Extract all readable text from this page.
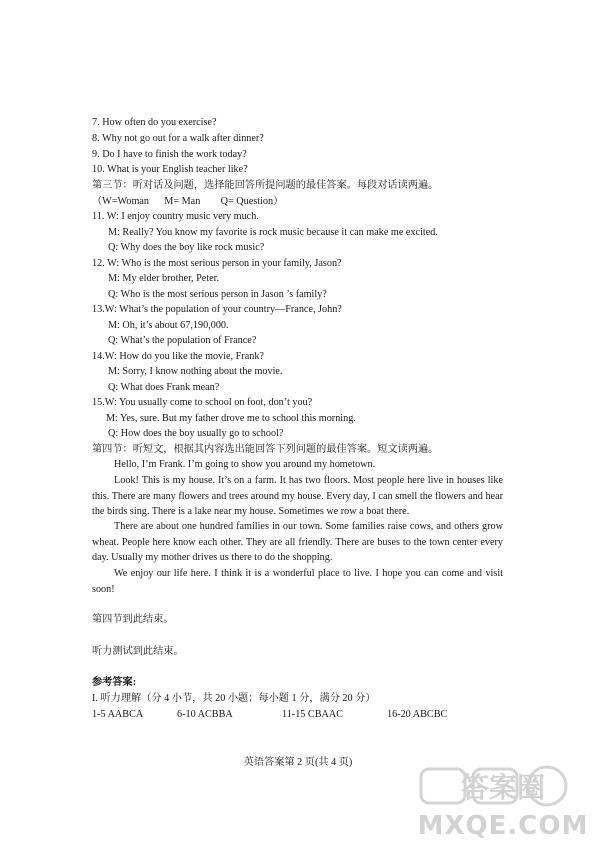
7. How often do you exercise?
8. Why not go out for a walk after dinner?
9. Do I have to finish the work today?
10. What is your English teacher like?
第三节：听对话及问题，选择能回答所提问题的最佳答案。每段对话读两遍。
（W=Woman      M= Man        Q= Question）
11. W: I enjoy country music very much.
M: Really? You know my favorite is rock music because it can make me excited.
Q: Why does the boy like rock music?
12. W: Who is the most serious person in your family, Jason?
M: My elder brother, Peter.
Q: Who is the most serious person in Jason ’s family?
13.W: What’s the population of your country—France, John?
M: Oh, it’s about 67,190,000.
Q: What’s the population of France?
14.W: How do you like the movie, Frank?
M: Sorry, I know nothing about the movie.
Q: What does Frank mean?
15.W: You usually come to school on foot, don’t you?
M: Yes, sure. But my father drove me to school this morning.
Q: How does the boy usually go to school?
第四节：听短文，根据其内容选出能回答下列问题的最佳答案。短文读两遍。
Hello, I’m Frank. I’m going to show you around my hometown.
Look! This is my house. It’s on a farm. It has two floors. Most people here live in houses like this. There are many flowers and trees around my house. Every day, I can smell the flowers and hear the birds sing. There is a lake near my house. Sometimes we row a boat there.
There are about one hundred families in our town. Some families raise cows, and others grow wheat. People here know each other. They are all friendly. There are buses to the town center every day. Usually my mother drives us there to do the shopping.
We enjoy our life here. I think it is a wonderful place to live. I hope you can come and visit soon!
第四节到此结束。
听力测试到此结束。
参考答案:
I. 听力理解（分 4 小节，共 20 小题；每小题 1 分，满分 20 分）
1-5 AABCA	6-10 ACBBA	11-15 CBAAC	16-20 ABCBC
英语答案第 2 页(共 4 页)
答案圈
MXQE.COM
